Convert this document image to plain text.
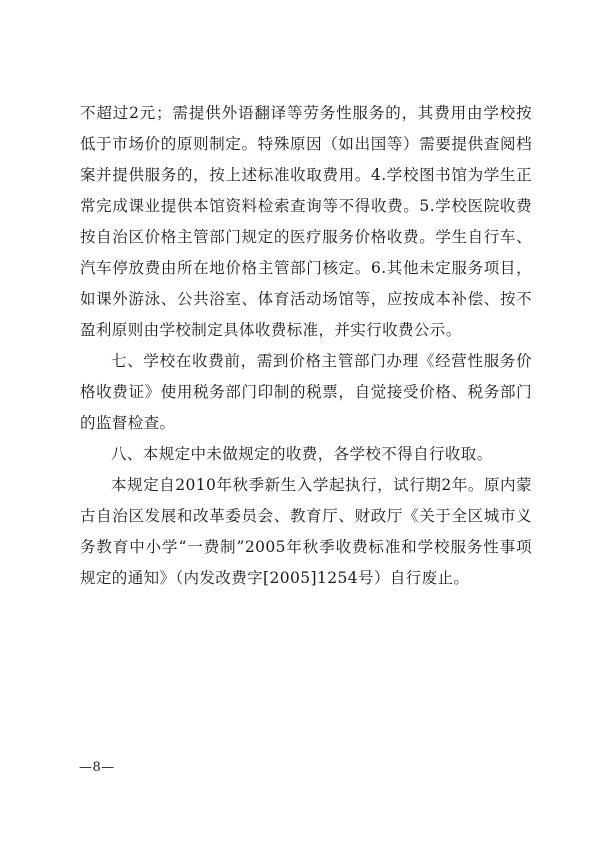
不超过2元；需提供外语翻译等劳务性服务的，其费用由学校按低于市场价的原则制定。特殊原因（如出国等）需要提供查阅档案并提供服务的，按上述标准收取费用。4.学校图书馆为学生正常完成课业提供本馆资料检索查询等不得收费。5.学校医院收费按自治区价格主管部门规定的医疗服务价格收费。学生自行车、汽车停放费由所在地价格主管部门核定。6.其他未定服务项目，如课外游泳、公共浴室、体育活动场馆等，应按成本补偿、按不盈利原则由学校制定具体收费标准，并实行收费公示。

七、学校在收费前，需到价格主管部门办理《经营性服务价格收费证》使用税务部门印制的税票，自觉接受价格、税务部门的监督检查。

八、本规定中未做规定的收费，各学校不得自行收取。

本规定自2010年秋季新生入学起执行，试行期2年。原内蒙古自治区发展和改革委员会、教育厅、财政厅《关于全区城市义务教育中小学“一费制”2005年秋季收费标准和学校服务性事项规定的通知》（内发改费字[2005]1254号）自行废止。

—8—
